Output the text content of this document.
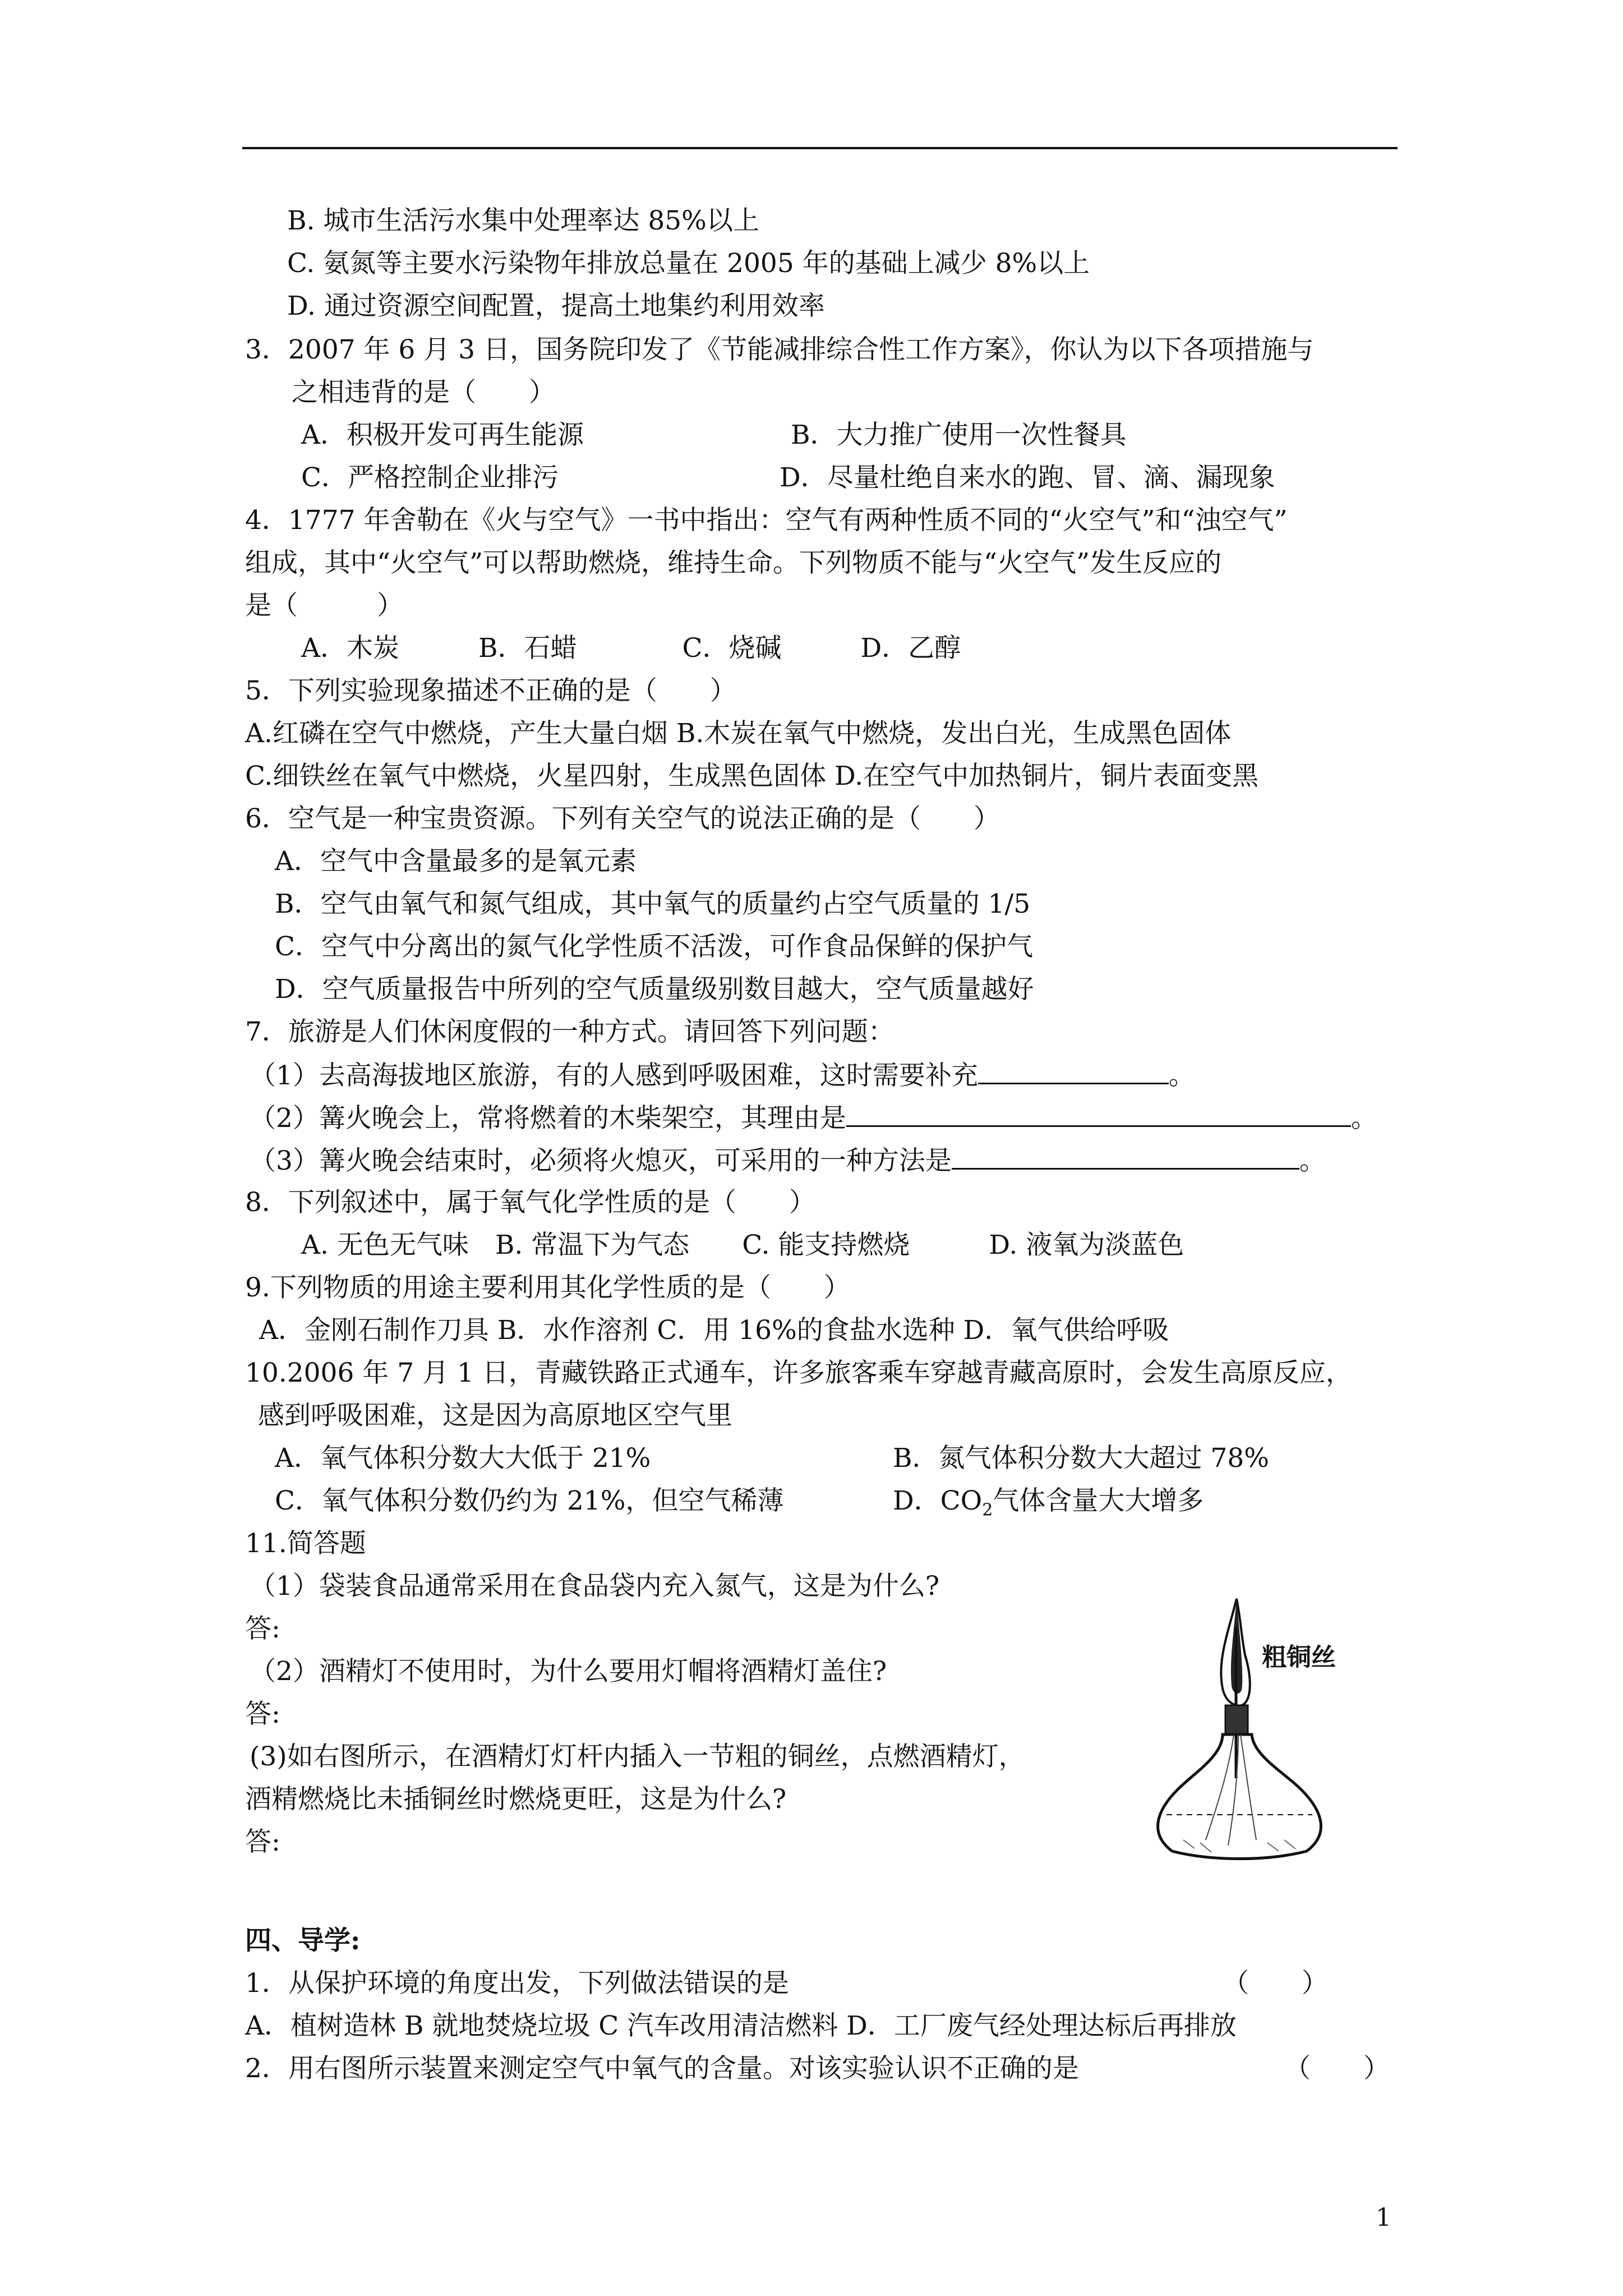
B. 城市生活污水集中处理率达 85%以上
C. 氨氮等主要水污染物年排放总量在 2005 年的基础上减少 8%以上
D. 通过资源空间配置，提高土地集约利用效率
3．2007 年 6 月 3 日，国务院印发了《节能减排综合性工作方案》，你认为以下各项措施与
之相违背的是（　　）
A．积极开发可再生能源	B．大力推广使用一次性餐具
C．严格控制企业排污	D．尽量杜绝自来水的跑、冒、滴、漏现象
4．1777 年舍勒在《火与空气》一书中指出：空气有两种性质不同的“火空气”和“浊空气”
组成，其中“火空气”可以帮助燃烧，维持生命。下列物质不能与“火空气”发生反应的
是（　　　）
A．木炭　　　B．石蜡　　　　C．烧碱　　　D．乙醇
5．下列实验现象描述不正确的是（　　）
A.红磷在空气中燃烧，产生大量白烟 B.木炭在氧气中燃烧，发出白光，生成黑色固体
C.细铁丝在氧气中燃烧，火星四射，生成黑色固体 D.在空气中加热铜片，铜片表面变黑
6．空气是一种宝贵资源。下列有关空气的说法正确的是（　　）
A．空气中含量最多的是氧元素
B．空气由氧气和氮气组成，其中氧气的质量约占空气质量的 1/5
C．空气中分离出的氮气化学性质不活泼，可作食品保鲜的保护气
D．空气质量报告中所列的空气质量级别数目越大，空气质量越好
7．旅游是人们休闲度假的一种方式。请回答下列问题：
（1）去高海拔地区旅游，有的人感到呼吸困难，这时需要补充	。
（2）篝火晚会上，常将燃着的木柴架空，其理由是	。
（3）篝火晚会结束时，必须将火熄灭，可采用的一种方法是	。
8．下列叙述中，属于氧气化学性质的是（　　）
A. 无色无气味　B. 常温下为气态　　C. 能支持燃烧　　　D. 液氧为淡蓝色
9.下列物质的用途主要利用其化学性质的是（　　）
A．金刚石制作刀具 B．水作溶剂 C．用 16%的食盐水选种 D．氧气供给呼吸
10.2006 年 7 月 1 日，青藏铁路正式通车，许多旅客乘车穿越青藏高原时，会发生高原反应，
感到呼吸困难，这是因为高原地区空气里
A．氧气体积分数大大低于 21%	B．氮气体积分数大大超过 78%
C．氧气体积分数仍约为 21%，但空气稀薄	D．$CO_2$气体含量大大增多
11.简答题
（1）袋装食品通常采用在食品袋内充入氮气，这是为什么?
答:
（2）酒精灯不使用时，为什么要用灯帽将酒精灯盖住?
答:
(3)如右图所示，在酒精灯灯杆内插入一节粗的铜丝，点燃酒精灯，
酒精燃烧比未插铜丝时燃烧更旺，这是为什么?
答:
粗铜丝
四、导学:
1．从保护环境的角度出发，下列做法错误的是	（　　）
A．植树造林 B 就地焚烧垃圾 C 汽车改用清洁燃料 D．工厂废气经处理达标后再排放
2．用右图所示装置来测定空气中氧气的含量。对该实验认识不正确的是	（　　）
1
